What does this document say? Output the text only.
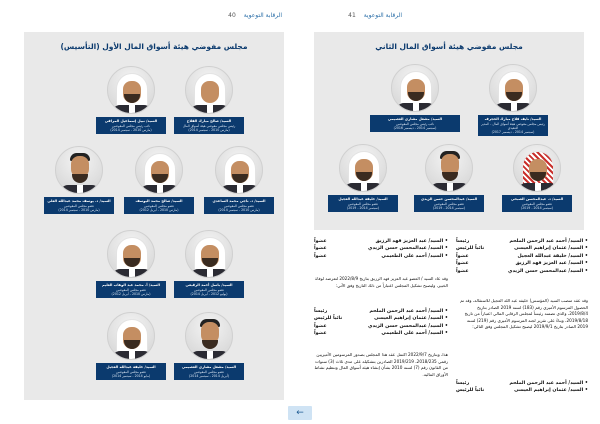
40 الرقابة التوعوية
مجلس مفوضي هيئة أسواق المال الأول (التأسيس)
السيد/ صالح مبارك الفلاح
رئيس مجلس مفوضي هيئة أسواق المال
(مارس 2010 - سبتمبر 2014)
السيد/ نبيل إسماعيل المرافي
نائب رئيس مجلس المفوضين
(مارس 2010 - سبتمبر 2014)
السيد/ د. ناجي محمد الساعدي
عضو مجلس المفوضين
(مارس 2010 - سبتمبر 2014)
السيد/ صالح محمد اليوسف
عضو مجلس المفوضين
(مارس 2010 - أبريل 2012)
السيد/ د. يوسف محمد عبدالله العلي
عضو مجلس المفوضين
(مارس 2010 - سبتمبر 2014)
السيد/ باسل أحمد الرقيعي
عضو مجلس المفوضين
(يوليو 2012 - أبريل 2014)
السيد/ أ. محمد عبد الوهاب العليم
عضو مجلس المفوضين
(مارس 2010 - أبريل 2012)
السيد/ مشعل مشاري العصيمي
عضو مجلس المفوضين
(أبريل 2014 - سبتمبر 2014)
السيد/ خليفة عبدالله العجيل
عضو مجلس المفوضين
(مايو 2014 - سبتمبر 2014)
الرقابة التوعوية 41
مجلس مفوضي هيئة أسواق المال الثاني
السيد/ نايف فلاح مبارك الحجرف
رئيس مجلس مفوضي هيئة أسواق المال - المدير التنفيذي
(سبتمبر 2014 - ديسمبر 2017)
السيد/ مشعل مشاري العصيمي
نائب رئيس مجلس المفوضين
(سبتمبر 2014 - ديسمبر 2016)
السيد/ د. عبدالمحسن الصبحي
عضو مجلس المفوضين
(سبتمبر 2014 - 2019)
السيد/ عبدالمحسن حسن الزيدي
عضو مجلس المفوضين
(سبتمبر 2014 - 2019)
السيد/ خليفة عبدالله العجيل
عضو مجلس المفوضين
(سبتمبر 2014 - 2019)
• السيد/ أحمد عبد الرحمن الملحم
رئيساً
• السيد/ عثمان إبراهيم العيسى
نائباً للرئيس
• السيد/ خليفة عبدالله العجيل
عضواً
• السيد/ عبد العزيز فهد الرزيق
عضواً
• السيد/ عبدالمحسن حسن الزيدي
عضواً
وقد عقد منصب السيد (المؤسس) خليفة عبد الله العجيل للاستقالة، وقد تم الحصول المرسوم الأميري رقم (183) لسنة 2019 الصادر بتاريخ 2019/8/4، والذي تضمنه رئيساً لمجلس الرقابي المالي اعتباراً من تاريخ 2019/8/18، وبناءً على تقرير لجنة المرسوم الأميري رقم (219) لسنة 2019 الصادر بتاريخ 2019/9/1 ليصبح تشكيل المجلس وفق التالي:
• السيد/ أحمد عبد الرحمن الملحم
رئيساً
• السيد/ عثمان إبراهيم العيسى
نائباً للرئيس
• السيد/ عبد العزيز فهد الرزيق
عضواً
• السيد/ عبدالمحسن حسن الزيدي
عضواً
• السيد/ أحمد علي الطعيمي
عضواً
وقد عاد السيد / العضو عبد العزيز فهد الرزيق بتاريخ 2022/8/9 لتعرضه لوفاة الخبير، وليصبح تشكيل المجلس اعتباراً من ذلك التاريخ وفق الآتي:
• السيد/ أحمد عبد الرحمن الملحم
رئيساً
• السيد/ عثمان إبراهيم العيسى
نائباً للرئيس
• السيد/ عبدالمحسن حسن الزيدي
عضواً
• السيد/ أحمد علي الطعيمي
عضواً
هذا، وبتاريخ 2022/9/7 اكتمل عقد هذا المجلس بصدور المرسومين الأميريين رقمي 2018/235، 2019/219 الصادرين بتشكيله على مدى ثلاث (3) سنوات من القانون رقم (7) لسنة 2010 بشأن إنشاء هيئة أسواق المال وتنظيم نشاط الأوراق المالية.
←
